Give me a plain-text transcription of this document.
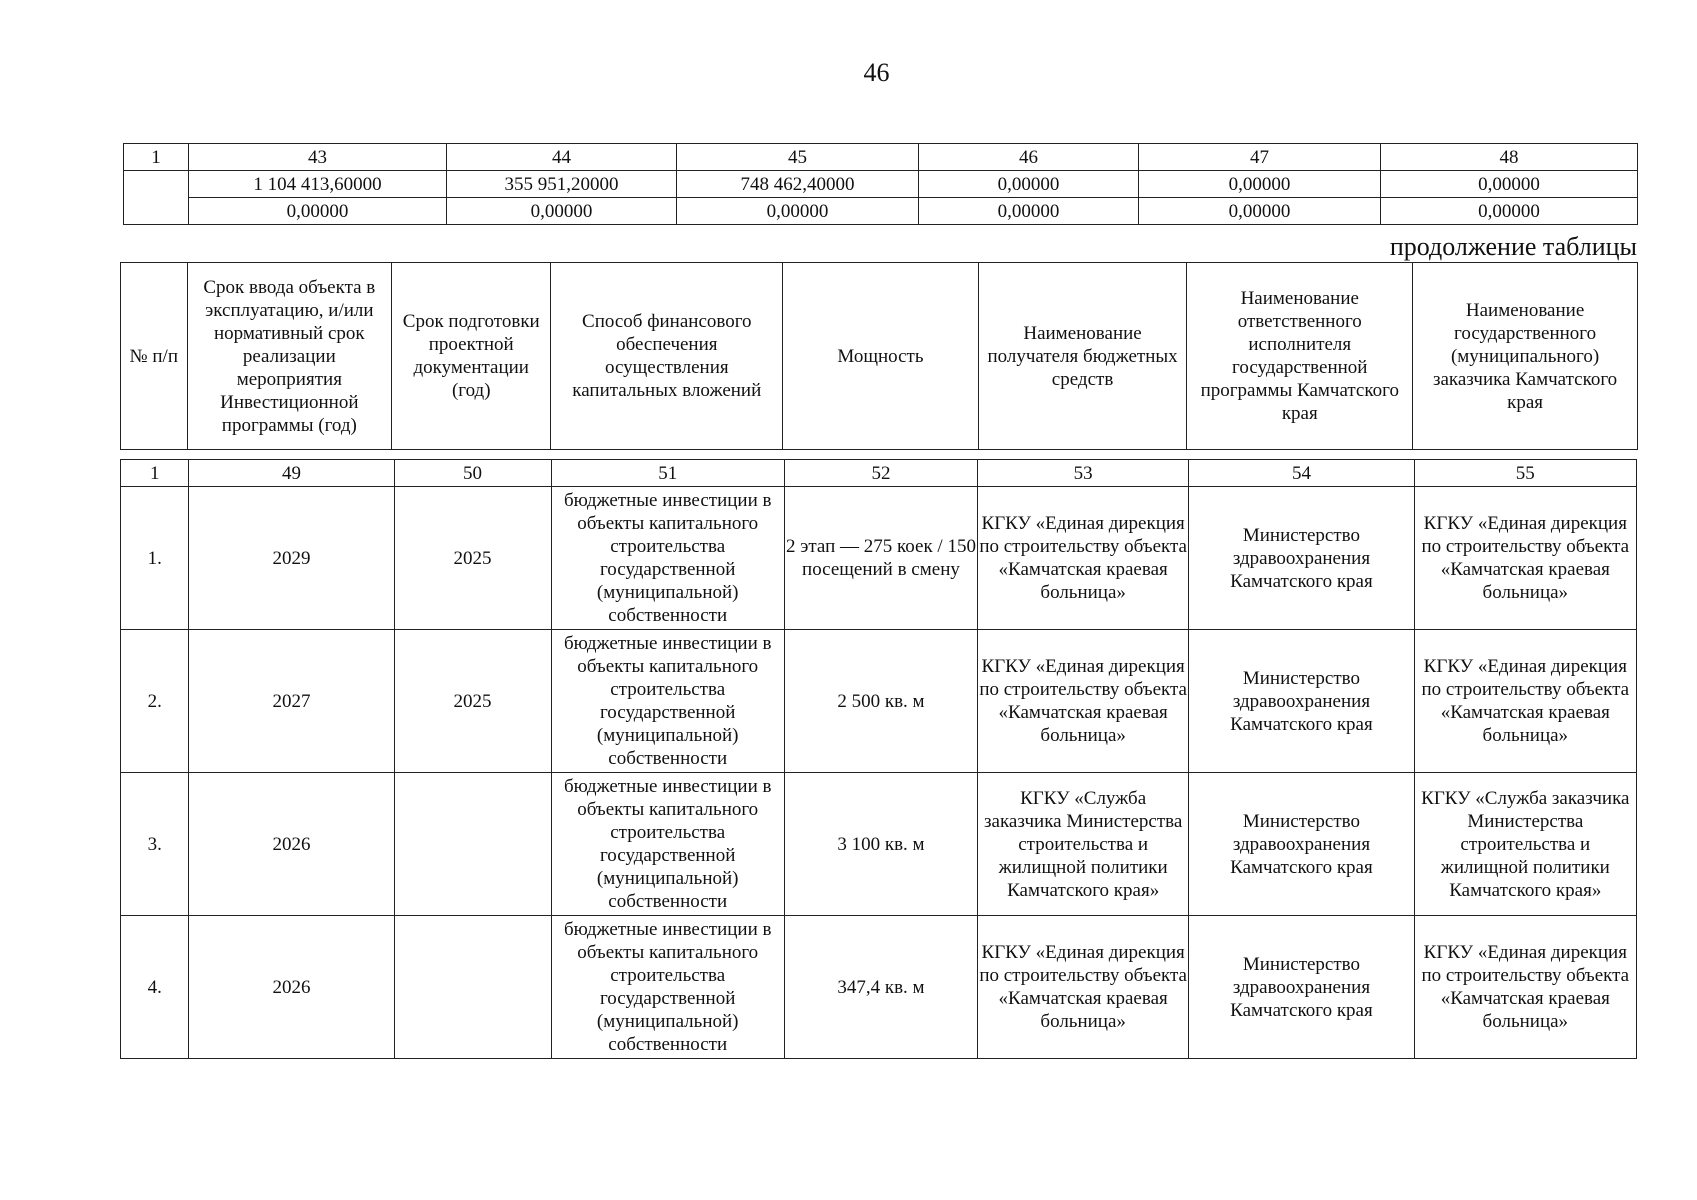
46
1	43	44	45	46	47	48
	1 104 413,60000	355 951,20000	748 462,40000	0,00000	0,00000	0,00000
	0,00000	0,00000	0,00000	0,00000	0,00000	0,00000
продолжение таблицы
№ п/п	Срок ввода объекта в эксплуатацию, и/или нормативный срок реализации мероприятия Инвестиционной программы (год)	Срок подготовки проектной документации (год)	Способ финансового обеспечения осуществления капитальных вложений	Мощность	Наименование получателя бюджетных средств	Наименование ответственного исполнителя государственной программы Камчатского края	Наименование государственного (муниципального) заказчика Камчатского края
1	49	50	51	52	53	54	55
1.	2029	2025	бюджетные инвестиции в объекты капитального строительства государственной (муниципальной) собственности	2 этап — 275 коек / 150 посещений в смену	КГКУ «Единая дирекция по строительству объекта «Камчатская краевая больница»	Министерство здравоохранения Камчатского края	КГКУ «Единая дирекция по строительству объекта «Камчатская краевая больница»
2.	2027	2025	бюджетные инвестиции в объекты капитального строительства государственной (муниципальной) собственности	2 500 кв. м	КГКУ «Единая дирекция по строительству объекта «Камчатская краевая больница»	Министерство здравоохранения Камчатского края	КГКУ «Единая дирекция по строительству объекта «Камчатская краевая больница»
3.	2026		бюджетные инвестиции в объекты капитального строительства государственной (муниципальной) собственности	3 100 кв. м	КГКУ «Служба заказчика Министерства строительства и жилищной политики Камчатского края»	Министерство здравоохранения Камчатского края	КГКУ «Служба заказчика Министерства строительства и жилищной политики Камчатского края»
4.	2026		бюджетные инвестиции в объекты капитального строительства государственной (муниципальной) собственности	347,4 кв. м	КГКУ «Единая дирекция по строительству объекта «Камчатская краевая больница»	Министерство здравоохранения Камчатского края	КГКУ «Единая дирекция по строительству объекта «Камчатская краевая больница»
